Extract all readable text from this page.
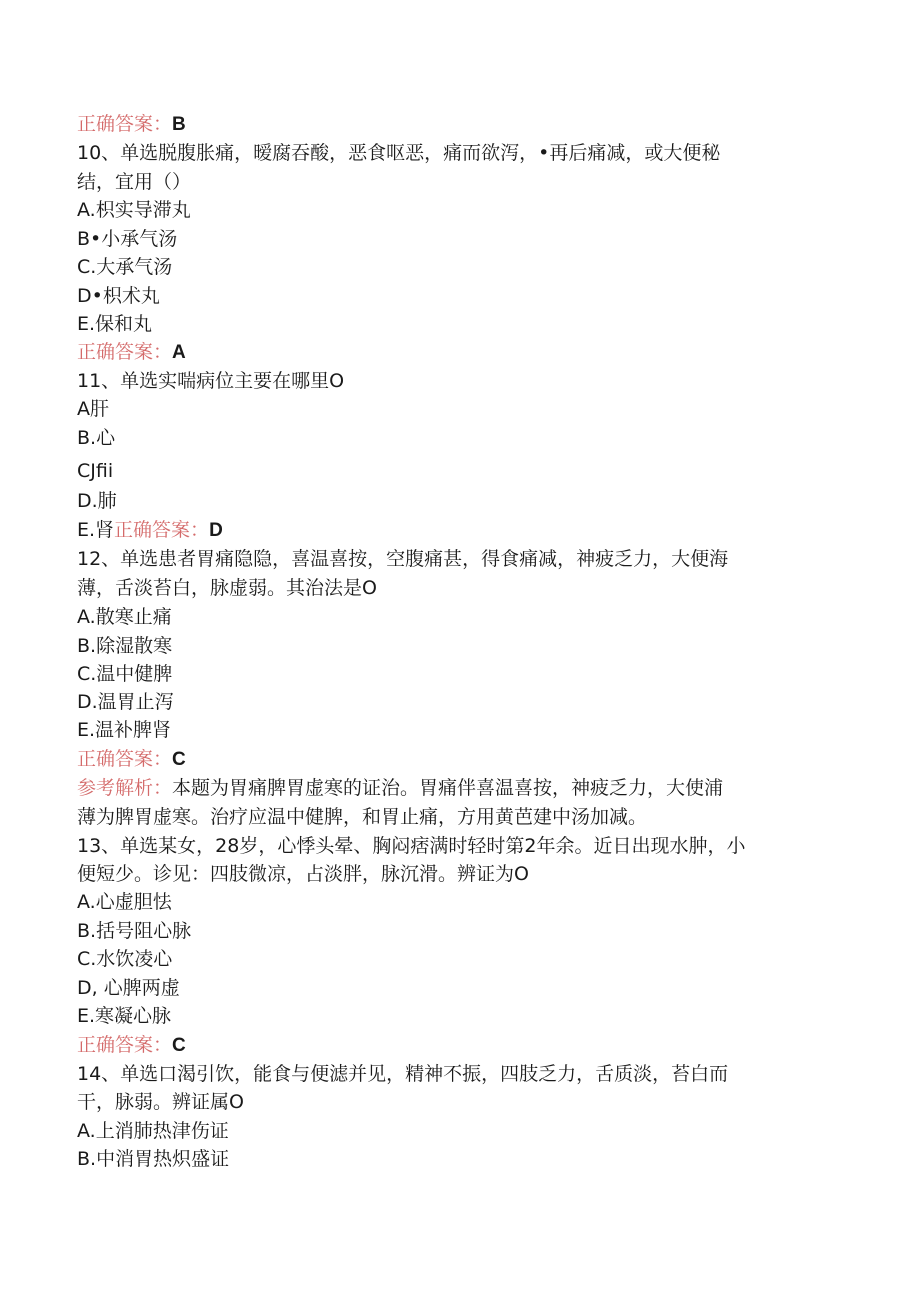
正确答案：B

10、单选脱腹胀痛，暧腐吞酸，恶食呕恶，痛而欲泻，•再后痛减，或大便秘

结，宜用（）

A.枳实导滞丸

B•小承气汤

C.大承气汤

D•枳术丸

E.保和丸

正确答案：A

11、单选实喘病位主要在哪里O

A肝

B.心

CJfii

D.肺

E.肾正确答案：D

12、单选患者胃痛隐隐，喜温喜按，空腹痛甚，得食痛减，神疲乏力，大便海

薄，舌淡苔白，脉虚弱。其治法是O

A.散寒止痛

B.除湿散寒

C.温中健脾

D.温胃止泻

E.温补脾肾

正确答案：C

参考解析：本题为胃痛脾胃虚寒的证治。胃痛伴喜温喜按，神疲乏力，大使浦

薄为脾胃虚寒。治疗应温中健脾，和胃止痛，方用黄芭建中汤加减。

13、单选某女，28岁，心悸头晕、胸闷痞满时轻时第2年余。近日出现水肿，小

便短少。诊见：四肢微凉，占淡胖，脉沉滑。辨证为O

A.心虚胆怯

B.括号阻心脉

C.水饮凌心

D, 心脾两虚

E.寒凝心脉

正确答案：C

14、单选口渴引饮，能食与便滤并见，精神不振，四肢乏力，舌质淡，苔白而

干，脉弱。辨证属O

A.上消肺热津伤证

B.中消胃热炽盛证
